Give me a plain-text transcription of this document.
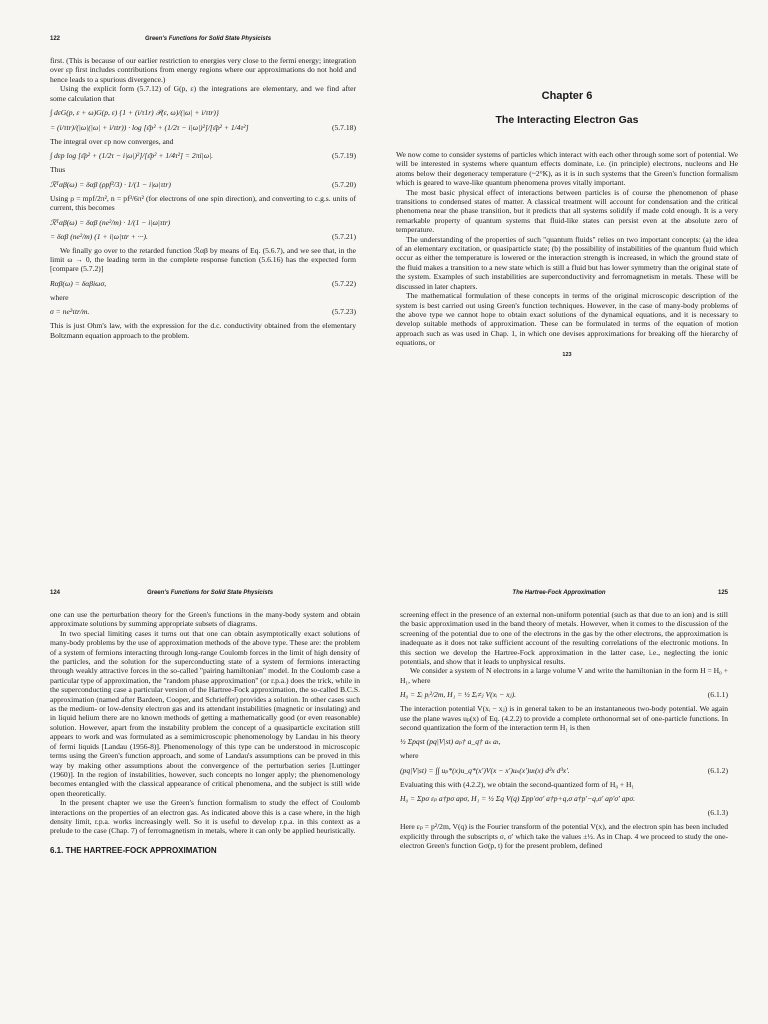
122	Green's Functions for Solid State Physicists

first. (This is because of our earlier restriction to energies very close to the fermi energy; integration over εp first includes contributions from energy regions where our approximations do not hold and hence leads to a spurious divergence.)

Using the explicit form (5.7.12) of G(p, ε) the integrations are elementary, and we find after some calculation that

∫ dεG(p, ε + ω)G(p, ε) {1 + (i/τ1r) 𝒫(ε, ω)/(|ω| + i/τtr)}
= (i/τtr)/(|ω|(|ω| + i/τtr)) · log [ε̄p² + (1/2τ − i|ω|)²]/[ε̄p² + 1/4τ²]	(5.7.18)

The integral over εp now converges, and

∫ dεp log [ε̄p² + (1/2τ − i|ω|)²]/[ε̄p² + 1/4τ²] = 2πi|ω|.	(5.7.19)

Thus

ℛᵀαβ(ω) = δαβ (ρpf²/3) · 1/(1 − i|ω|τtr)	(5.7.20)

Using ρ = mpf/2π², n = pf³/6π² (for electrons of one spin direction), and converting to c.g.s. units of current, this becomes

ℛᵀαβ(ω) = δαβ (ne²/m) · 1/(1 − i|ω|τtr)
= δαβ (ne²/m) (1 + i|ω|τtr + ···).	(5.7.21)

We finally go over to the retarded function ℛαβ by means of Eq. (5.6.7), and we see that, in the limit ω → 0, the leading term in the complete response function (5.6.16) has the expected form [compare (5.7.2)]

Rαβ(ω) = δαβiωσ,	(5.7.22)

where

σ = ne²τtr/m.	(5.7.23)

This is just Ohm's law, with the expression for the d.c. conductivity obtained from the elementary Boltzmann equation approach to the problem.

Chapter 6
The Interacting Electron Gas

We now come to consider systems of particles which interact with each other through some sort of potential. We will be interested in systems where quantum effects dominate, i.e. (in principle) electrons, nucleons and He atoms below their degeneracy temperature (~2°K), as it is in such systems that the Green's function formalism which is geared to wave-like quantum phenomena proves vitally important.

The most basic physical effect of interactions between particles is of course the phenomenon of phase transitions to condensed states of matter. A classical treatment will account for condensation and the critical phenomena near the phase transition, but it predicts that all systems solidify if made cold enough. It is a very remarkable property of quantum systems that fluid-like states can persist even at the absolute zero of temperature.

The understanding of the properties of such "quantum fluids" relies on two important concepts: (a) the idea of an elementary excitation, or quasiparticle state; (b) the possibility of instabilities of the quantum fluid which occur as either the temperature is lowered or the interaction strength is increased, in which the ground state of the fluid makes a transition to a new state which is still a fluid but has lower symmetry than the original state of the system. Examples of such instabilities are superconductivity and ferromagnetism in metals. These will be discussed in later chapters.

The mathematical formulation of these concepts in terms of the original microscopic description of the system is best carried out using Green's function techniques. However, in the case of many-body problems of the above type we cannot hope to obtain exact solutions of the dynamical equations, and it is necessary to develop suitable methods of approximation. These can be formulated in terms of the equation of motion approach such as was used in Chap. 1, in which one devises approximations for breaking off the hierarchy of equations, or

123
124	Green's Functions for Solid State Physicists

one can use the perturbation theory for the Green's functions in the many-body system and obtain approximate solutions by summing appropriate subsets of diagrams.

In two special limiting cases it turns out that one can obtain asymptotically exact solutions of many-body problems by the use of approximation methods of the above type. These are: the problem of a system of fermions interacting through long-range Coulomb forces in the limit of high density of the particles, and the solution for the superconducting state of a system of fermions interacting through weakly attractive forces in the so-called "pairing hamiltonian" model. In the Coulomb case a particular type of approximation, the "random phase approximation" (or r.p.a.) does the trick, while in the superconducting case a particular version of the Hartree-Fock approximation, the so-called B.C.S. approximation (named after Bardeen, Cooper, and Schrieffer) provides a solution. In other cases such as the medium- or low-density electron gas and its attendant instabilities (magnetic or insulating) and in liquid helium there are no known methods of getting a mathematically good (or even reasonable) solution. However, apart from the instability problem the concept of a quasiparticle excitation still appears to work and was formulated as a semimicroscopic phenomenology by Landau in his theory of fermi liquids [Landau (1956-8)]. Phenomenology of this type can be understood in microscopic terms using the Green's function approach, and some of Landau's assumptions can be proved in this way by making other assumptions about the convergence of the perturbation series [Luttinger (1960)]. In the region of instabilities, however, such concepts no longer apply; the phenomenology becomes entangled with the classical appearance of critical phenomena, and the subject is still wide open theoretically.

In the present chapter we use the Green's function formalism to study the effect of Coulomb interactions on the properties of an electron gas. As indicated above this is a case where, in the high density limit, r.p.a. works increasingly well. So it is useful to develop r.p.a. in this context as a prelude to the case (Chap. 7) of ferromagnetism in metals, where it can only be applied heuristically.

6.1. THE HARTREE-FOCK APPROXIMATION
The Hartree-Fock Approximation	125

screening effect in the presence of an external non-uniform potential (such as that due to an ion) and is still the basic approximation used in the band theory of metals. However, when it comes to the discussion of the screening of the potential due to one of the electrons in the gas by the other electrons, the approximation is inadequate as it does not take sufficient account of the resulting correlations of the electronic motions. In this section we develop the Hartree-Fock approximation in the latter case, i.e., neglecting the ionic potentials, and show that it leads to unphysical results.

We consider a system of N electrons in a large volume V and write the hamiltonian in the form H = H₀ + H₁, where

H₀ = Σᵢ pᵢ²/2m, H₁ = ½ Σᵢ≠ⱼ V(xᵢ − xⱼ).	(6.1.1)

The interaction potential V(xᵢ − xⱼ) is in general taken to be an instantaneous two-body potential. We again use the plane waves uₚ(x) of Eq. (4.2.2) to provide a complete orthonormal set of one-particle functions. In second quantization the form of the interaction term H₁ is then

½ Σpqst (pq|V|st) aₚ† a_q† aₛ aₜ,

where

(pq|V|st) = ∫∫ uₚ*(x)u_q*(x′)V(x − x′)uₛ(x′)uₜ(x) d³x d³x′.	(6.1.2)

Evaluating this with (4.2.2), we obtain the second-quantized form of H₀ + H₁

H₀ = Σpσ εₚ a†pσ apσ, H₁ = ½ Σq V(q) Σpp′σσ′ a†p+q,σ a†p′−q,σ′ ap′σ′ apσ.
(6.1.3)

Here εₚ = p²/2m, V(q) is the Fourier transform of the potential V(x), and the electron spin has been included explicitly through the subscripts σ, σ′ which take the values ±½. As in Chap. 4 we proceed to study the one-electron Green's function Gσ(p, t) for the present problem, defined
